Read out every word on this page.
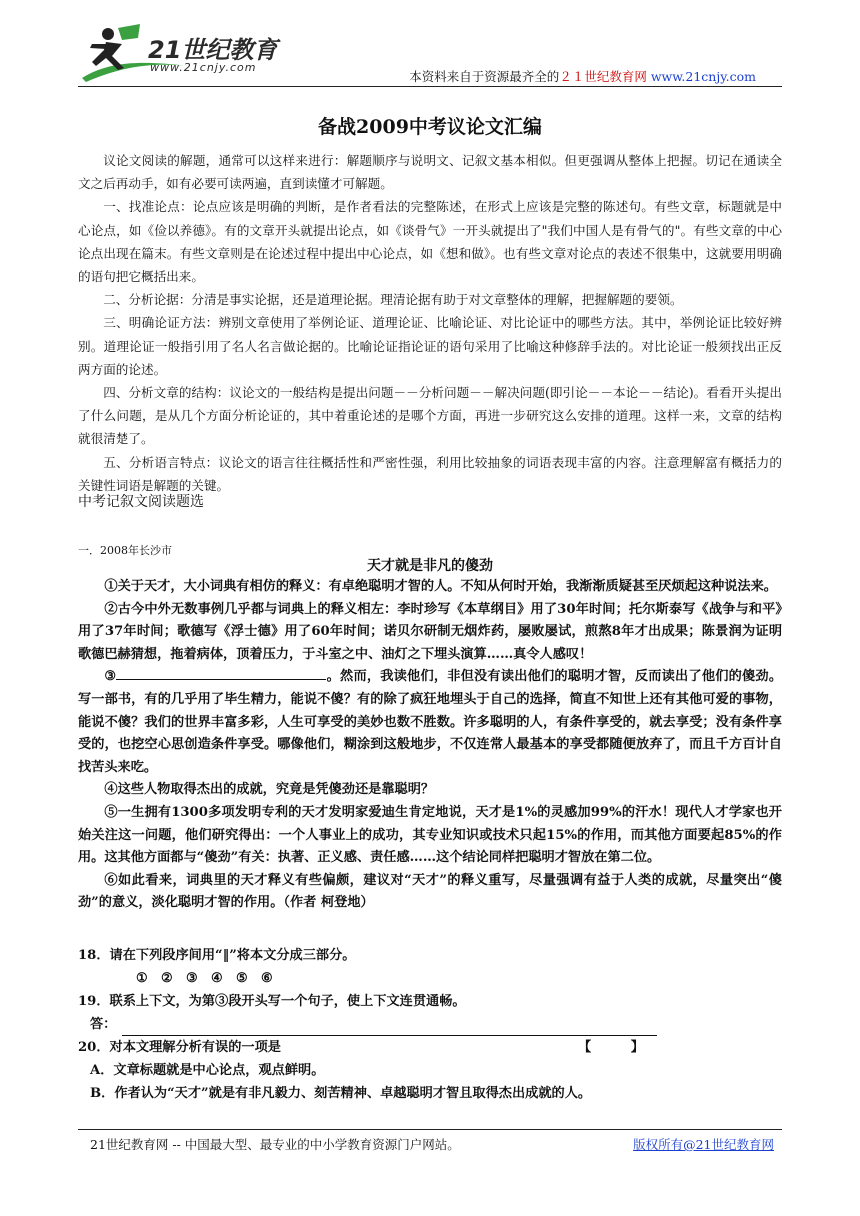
21世纪教育
www.21cnjy.com
本资料来自于资源最齐全的２１世纪教育网 www.21cnjy.com
备战2009中考议论文汇编

议论文阅读的解题，通常可以这样来进行：解题顺序与说明文、记叙文基本相似。但更强调从整体上把握。切记在通读全文之后再动手，如有必要可读两遍，直到读懂才可解题。

一、找准论点：论点应该是明确的判断，是作者看法的完整陈述，在形式上应该是完整的陈述句。有些文章，标题就是中心论点，如《俭以养德》。有的文章开头就提出论点，如《谈骨气》一开头就提出了"我们中国人是有骨气的"。有些文章的中心论点出现在篇末。有些文章则是在论述过程中提出中心论点，如《想和做》。也有些文章对论点的表述不很集中，这就要用明确的语句把它概括出来。

二、分析论据：分清是事实论据，还是道理论据。理清论据有助于对文章整体的理解，把握解题的要领。

三、明确论证方法：辨别文章使用了举例论证、道理论证、比喻论证、对比论证中的哪些方法。其中，举例论证比较好辨别。道理论证一般指引用了名人名言做论据的。比喻论证指论证的语句采用了比喻这种修辞手法的。对比论证一般须找出正反两方面的论述。

四、分析文章的结构：议论文的一般结构是提出问题－－分析问题－－解决问题(即引论－－本论－－结论)。看看开头提出了什么问题，是从几个方面分析论证的，其中着重论述的是哪个方面，再进一步研究这么安排的道理。这样一来，文章的结构就很清楚了。

五、分析语言特点：议论文的语言往往概括性和严密性强，利用比较抽象的词语表现丰富的内容。注意理解富有概括力的关键性词语是解题的关键。

中考记叙文阅读题选
一．2008年长沙市
天才就是非凡的傻劲

①关于天才，大小词典有相仿的释义：有卓绝聪明才智的人。不知从何时开始，我渐渐质疑甚至厌烦起这种说法来。

②古今中外无数事例几乎都与词典上的释义相左：李时珍写《本草纲目》用了30年时间；托尔斯泰写《战争与和平》用了37年时间；歌德写《浮士德》用了60年时间；诺贝尔研制无烟炸药，屡败屡试，煎熬8年才出成果；陈景润为证明歌德巴赫猜想，拖着病体，顶着压力，于斗室之中、油灯之下埋头演算……真令人感叹！

③	。然而，我读他们，非但没有读出他们的聪明才智，反而读出了他们的傻劲。写一部书，有的几乎用了毕生精力，能说不傻？有的除了疯狂地埋头于自己的选择，简直不知世上还有其他可爱的事物，能说不傻？我们的世界丰富多彩，人生可享受的美妙也数不胜数。许多聪明的人，有条件享受的，就去享受；没有条件享受的，也挖空心思创造条件享受。哪像他们，糊涂到这般地步，不仅连常人最基本的享受都随便放弃了，而且千方百计自找苦头来吃。

④这些人物取得杰出的成就，究竟是凭傻劲还是靠聪明？

⑤一生拥有1300多项发明专利的天才发明家爱迪生肯定地说，天才是1%的灵感加99%的汗水！现代人才学家也开始关注这一问题，他们研究得出：一个人事业上的成功，其专业知识或技术只起15%的作用，而其他方面要起85%的作用。这其他方面都与“傻劲”有关：执著、正义感、责任感……这个结论同样把聪明才智放在第二位。

⑥如此看来，词典里的天才释义有些偏颇，建议对“天才”的释义重写，尽量强调有益于人类的成就，尽量突出“傻劲”的意义，淡化聪明才智的作用。（作者 柯登地）

18．请在下列段序间用“‖”将本文分成三部分。
①　②　③　④　⑤　⑥
19．联系上下文，为第③段开头写一个句子，使上下文连贯通畅。
答：
20．对本文理解分析有误的一项是	【　　　】
A．文章标题就是中心论点，观点鲜明。
B．作者认为“天才”就是有非凡毅力、刻苦精神、卓越聪明才智且取得杰出成就的人。
21世纪教育网 -- 中国最大型、最专业的中小学教育资源门户网站。	版权所有@21世纪教育网
